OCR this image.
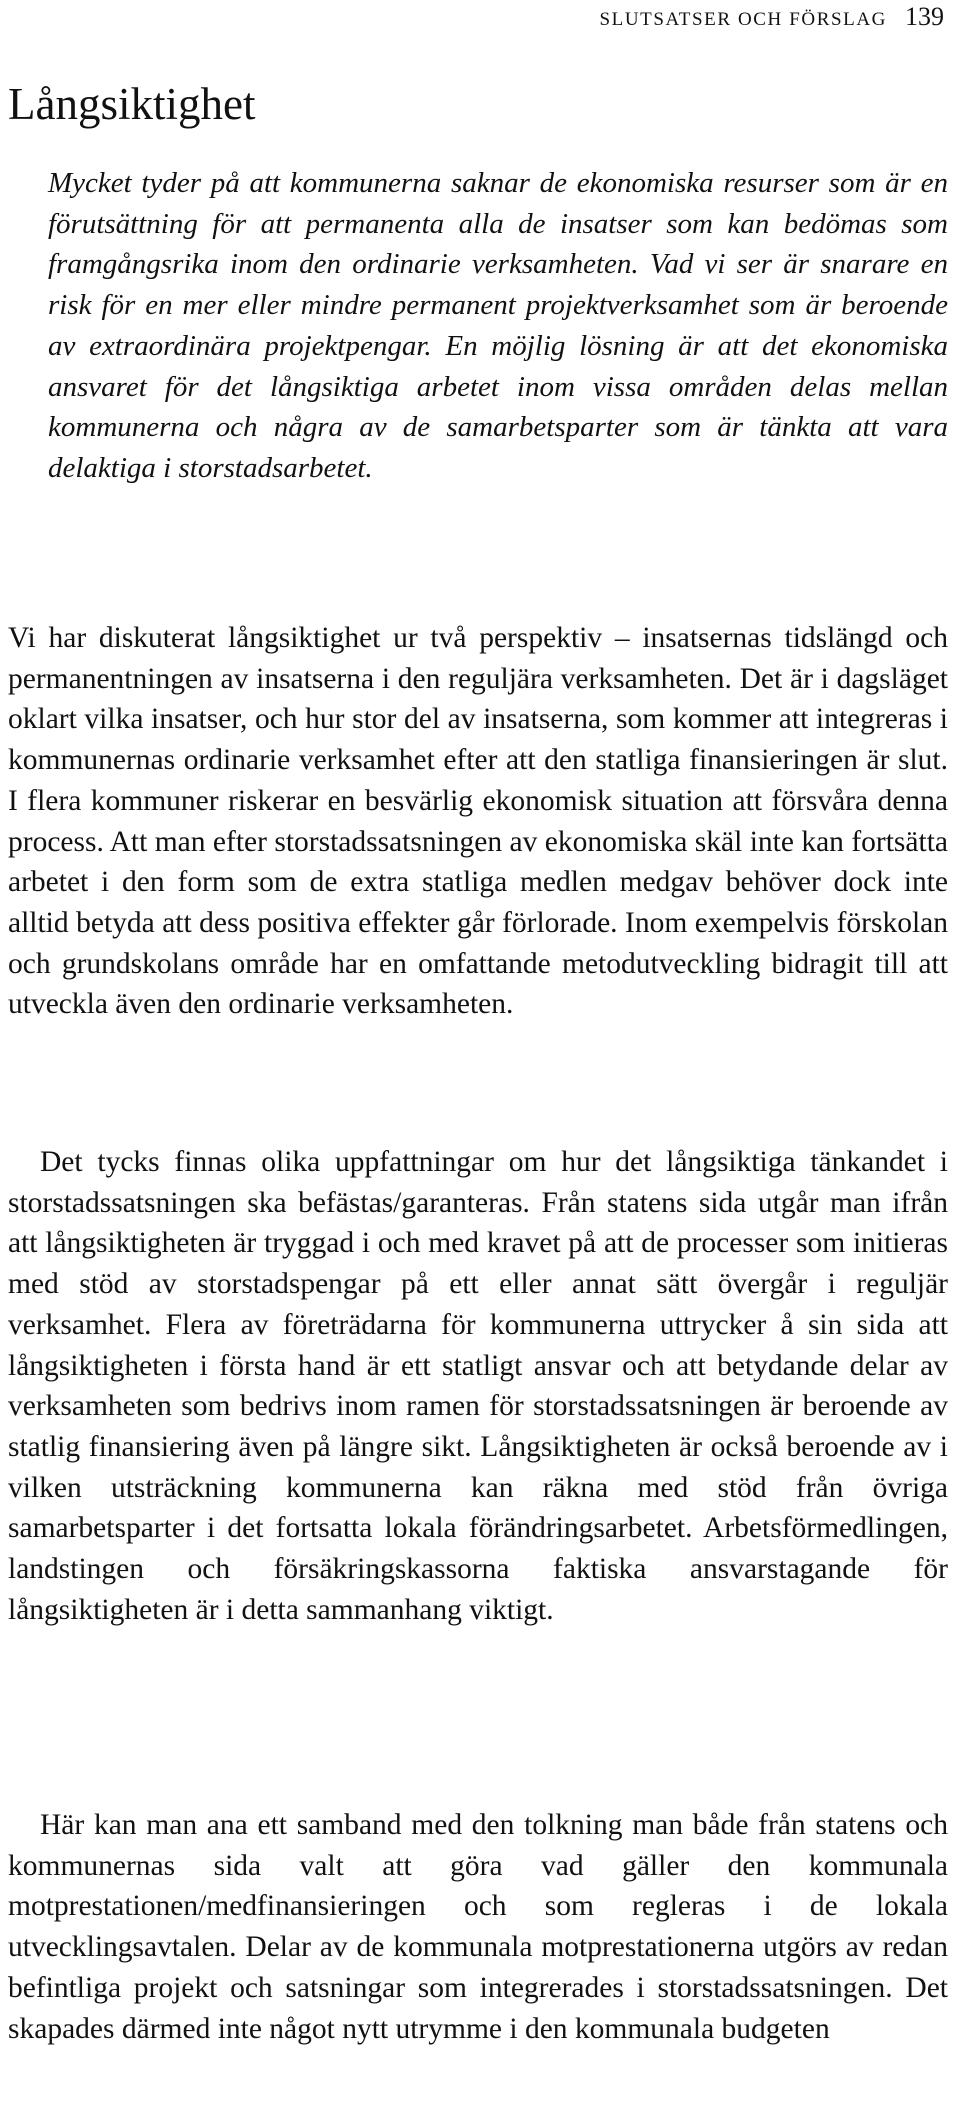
SLUTSATSER OCH FÖRSLAG 139
Långsiktighet

Mycket tyder på att kommunerna saknar de ekonomiska resurser som är en förutsättning för att permanenta alla de insatser som kan bedömas som framgångsrika inom den ordinarie verksamheten. Vad vi ser är snarare en risk för en mer eller mindre permanent projektverksamhet som är beroende av extraordinära projektpengar. En möjlig lösning är att det ekonomiska ansvaret för det långsiktiga arbetet inom vissa områden delas mellan kommunerna och några av de samarbetsparter som är tänkta att vara delaktiga i storstadsarbetet.

Vi har diskuterat långsiktighet ur två perspektiv – insatsernas tidslängd och permanentningen av insatserna i den reguljära verksamheten. Det är i dagsläget oklart vilka insatser, och hur stor del av insatserna, som kommer att integreras i kommunernas ordinarie verksamhet efter att den statliga finansieringen är slut. I flera kommuner riskerar en besvärlig ekonomisk situation att försvåra denna process. Att man efter storstadssatsningen av ekonomiska skäl inte kan fortsätta arbetet i den form som de extra statliga medlen medgav behöver dock inte alltid betyda att dess positiva effekter går förlorade. Inom exempelvis förskolan och grundskolans område har en omfattande metodutveckling bidragit till att utveckla även den ordinarie verksamheten.

Det tycks finnas olika uppfattningar om hur det långsiktiga tänkandet i storstadssatsningen ska befästas/garanteras. Från statens sida utgår man ifrån att långsiktigheten är tryggad i och med kravet på att de processer som initieras med stöd av storstadspengar på ett eller annat sätt övergår i reguljär verksamhet. Flera av företrädarna för kommunerna uttrycker å sin sida att långsiktigheten i första hand är ett statligt ansvar och att betydande delar av verksamheten som bedrivs inom ramen för storstadssatsningen är beroende av statlig finansiering även på längre sikt. Långsiktigheten är också beroende av i vilken utsträckning kommunerna kan räkna med stöd från övriga samarbetsparter i det fortsatta lokala förändringsarbetet. Arbetsförmedlingen, landstingen och försäkringskassorna faktiska ansvarstagande för långsiktigheten är i detta sammanhang viktigt.

Här kan man ana ett samband med den tolkning man både från statens och kommunernas sida valt att göra vad gäller den kommunala motprestationen/medfinansieringen och som regleras i de lokala utvecklingsavtalen. Delar av de kommunala motprestationerna utgörs av redan befintliga projekt och satsningar som integrerades i storstadssatsningen. Det skapades därmed inte något nytt utrymme i den kommunala budgeten
